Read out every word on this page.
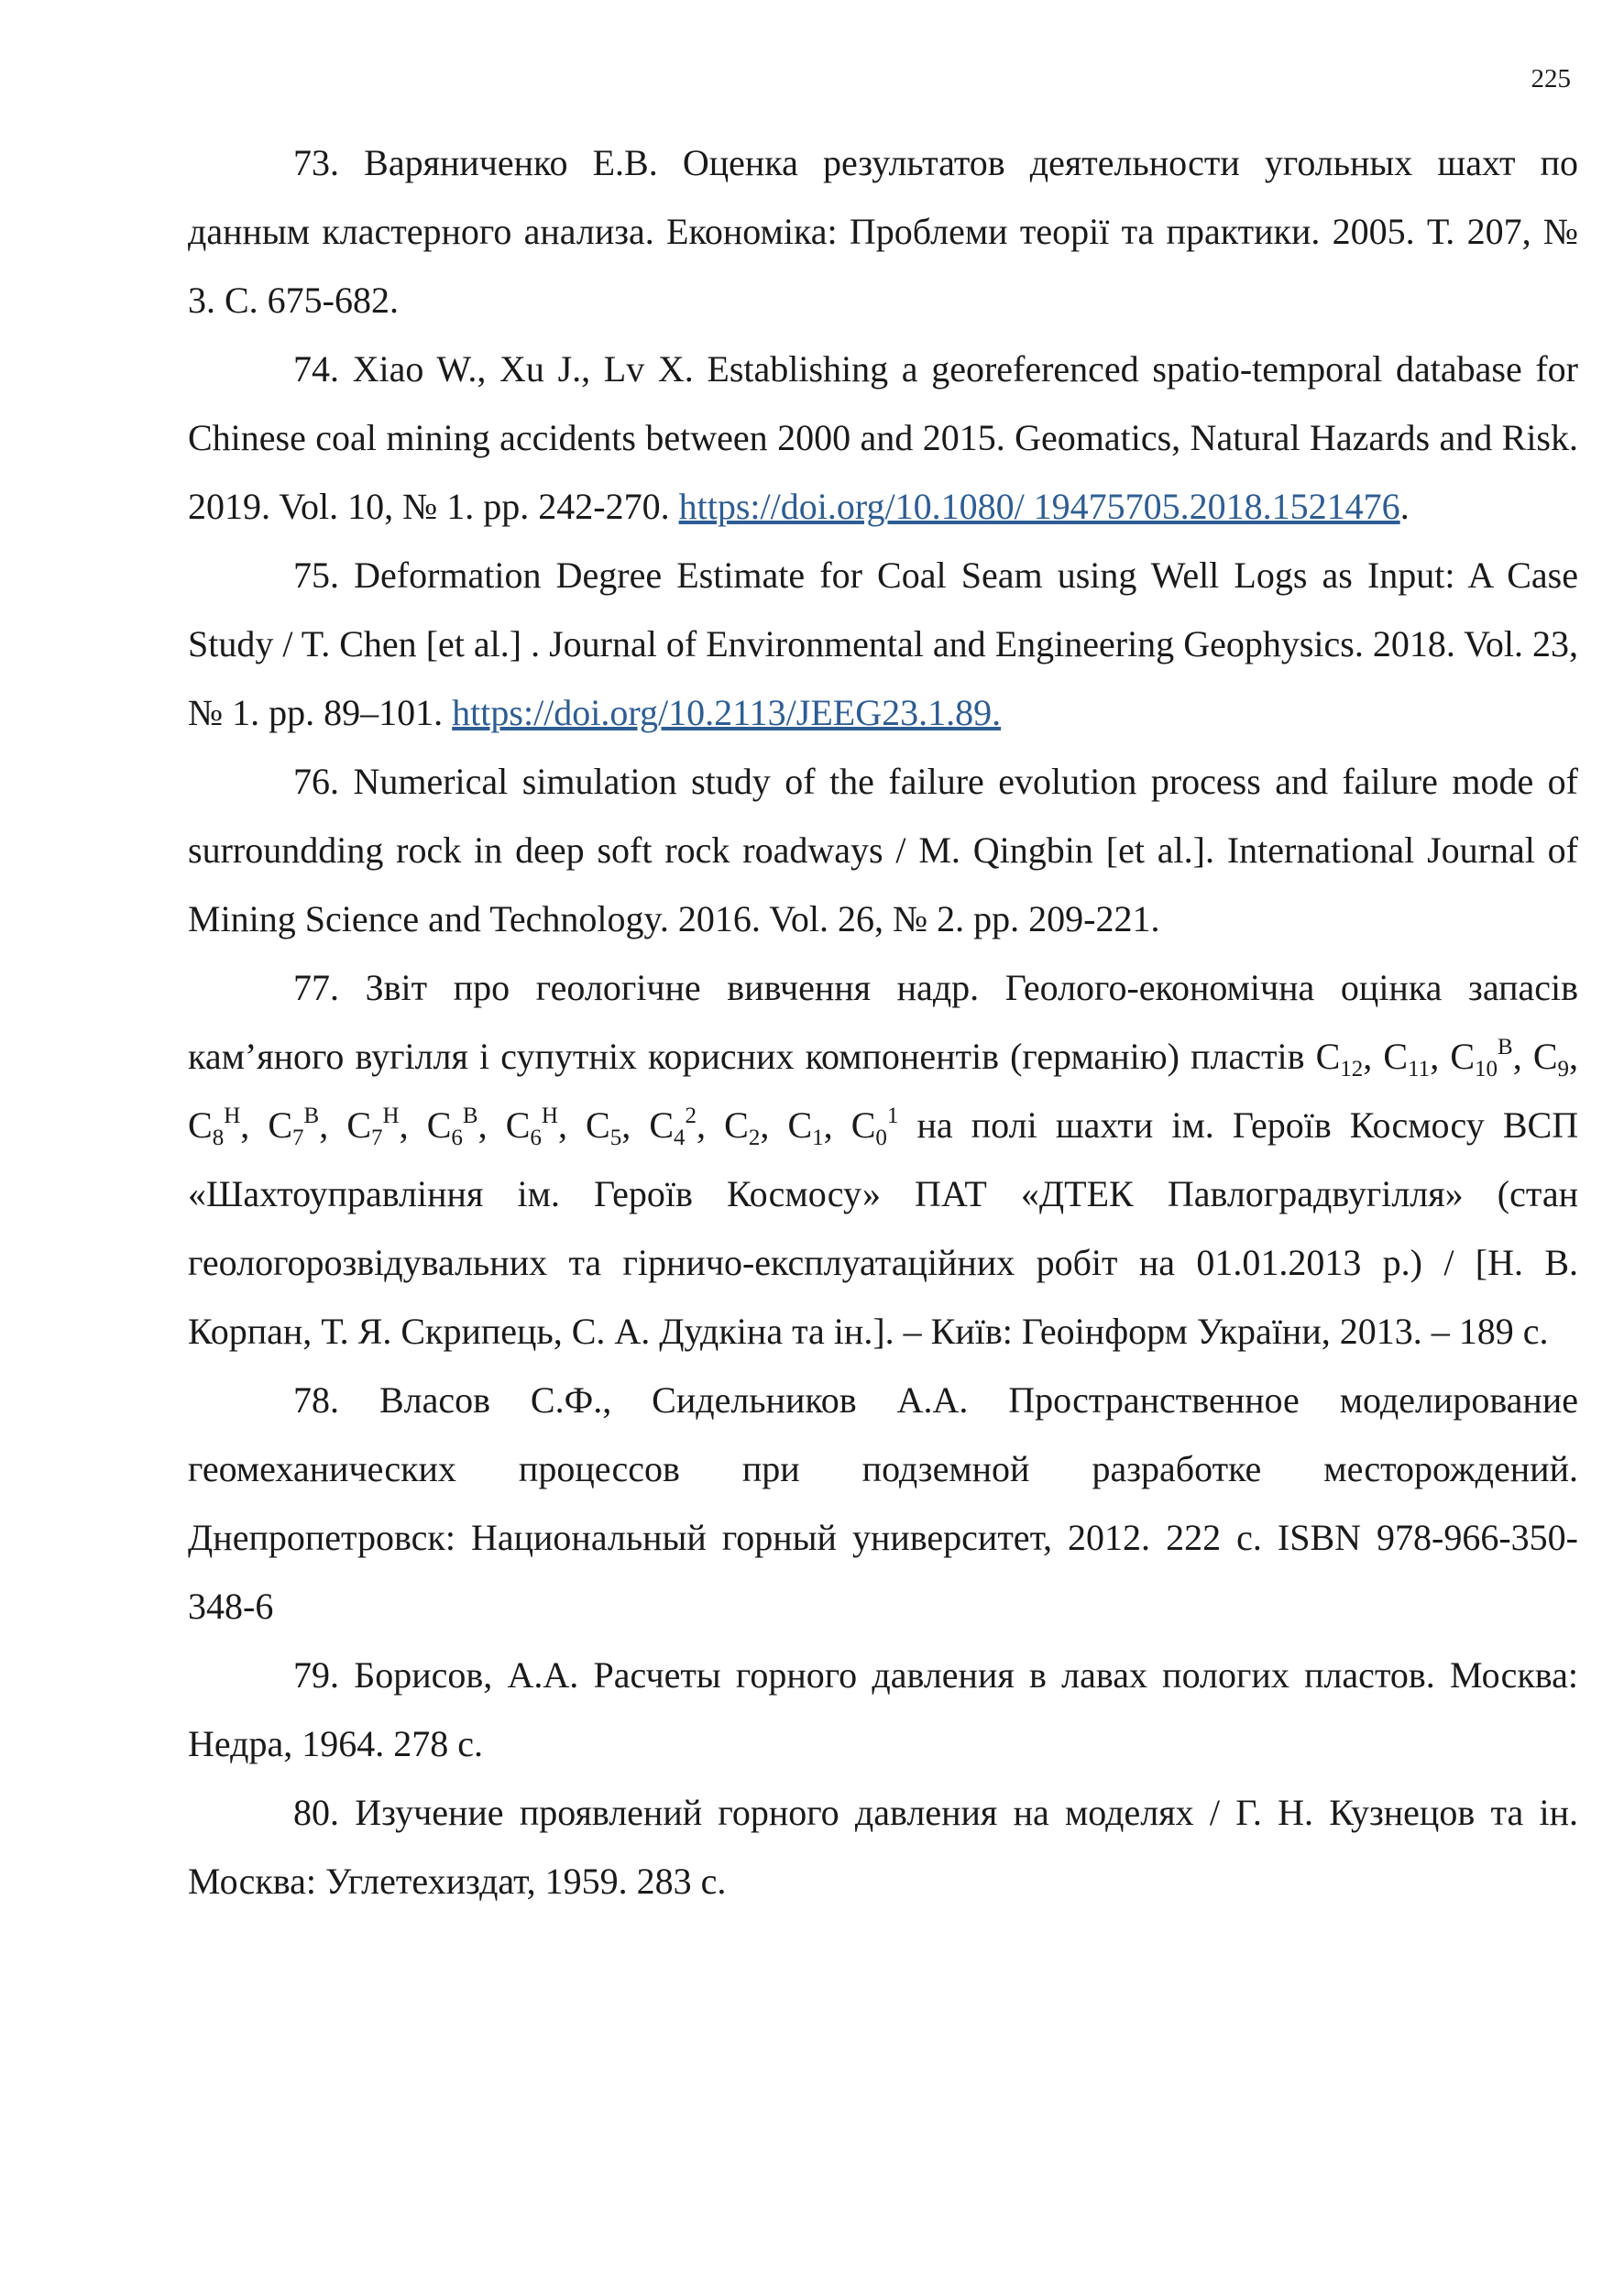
225

73. Варяниченко Е.В. Оценка результатов деятельности угольных шахт по данным кластерного анализа. Економіка: Проблеми теорії та практики. 2005. Т. 207, № 3. С. 675-682.

74. Xiao W., Xu J., Lv X. Establishing a georeferenced spatio-temporal database for Chinese coal mining accidents between 2000 and 2015. Geomatics, Natural Hazards and Risk. 2019. Vol. 10, № 1. pp. 242-270. https://doi.org/10.1080/ 19475705.2018.1521476.

75. Deformation Degree Estimate for Coal Seam using Well Logs as Input: A Case Study / T. Chen [et al.] . Journal of Environmental and Engineering Geophysics. 2018. Vol. 23, № 1. pp. 89–101. https://doi.org/10.2113/JEEG23.1.89.

76. Numerical simulation study of the failure evolution process and failure mode of surroundding rock in deep soft rock roadways / M. Qingbin [et al.]. International Journal of Mining Science and Technology. 2016. Vol. 26, № 2. pp. 209-221.

77. Звіт про геологічне вивчення надр. Геолого-економічна оцінка запасів кам’яного вугілля і супутніх корисних компонентів (германію) пластів $C_{12}$, $C_{11}$, $C_{10}^В$, $C_9$, $C_8^Н$, $C_7^В$, $C_7^Н$, $C_6^В$, $C_6^Н$, $C_5$, $C_4^2$, $C_2$, $C_1$, $C_0^1$ на полі шахти ім. Героїв Космосу ВСП «Шахтоуправління ім. Героїв Космосу» ПАТ «ДТЕК Павлоградвугілля» (стан геологорозвідувальних та гірничо-експлуатаційних робіт на 01.01.2013 р.) / [Н. В. Корпан, Т. Я. Скрипець, С. А. Дудкіна та ін.]. – Київ: Геоінформ України, 2013. – 189 с.

78. Власов С.Ф., Сидельников А.А. Пространственное моделирование геомеханических процессов при подземной разработке месторождений. Днепропетровск: Национальный горный университет, 2012. 222 с. ISBN 978-966-350-348-6

79. Борисов, А.А. Расчеты горного давления в лавах пологих пластов. Москва: Недра, 1964. 278 с.

80. Изучение проявлений горного давления на моделях / Г. Н. Кузнецов та ін. Москва: Углетехиздат, 1959. 283 с.
